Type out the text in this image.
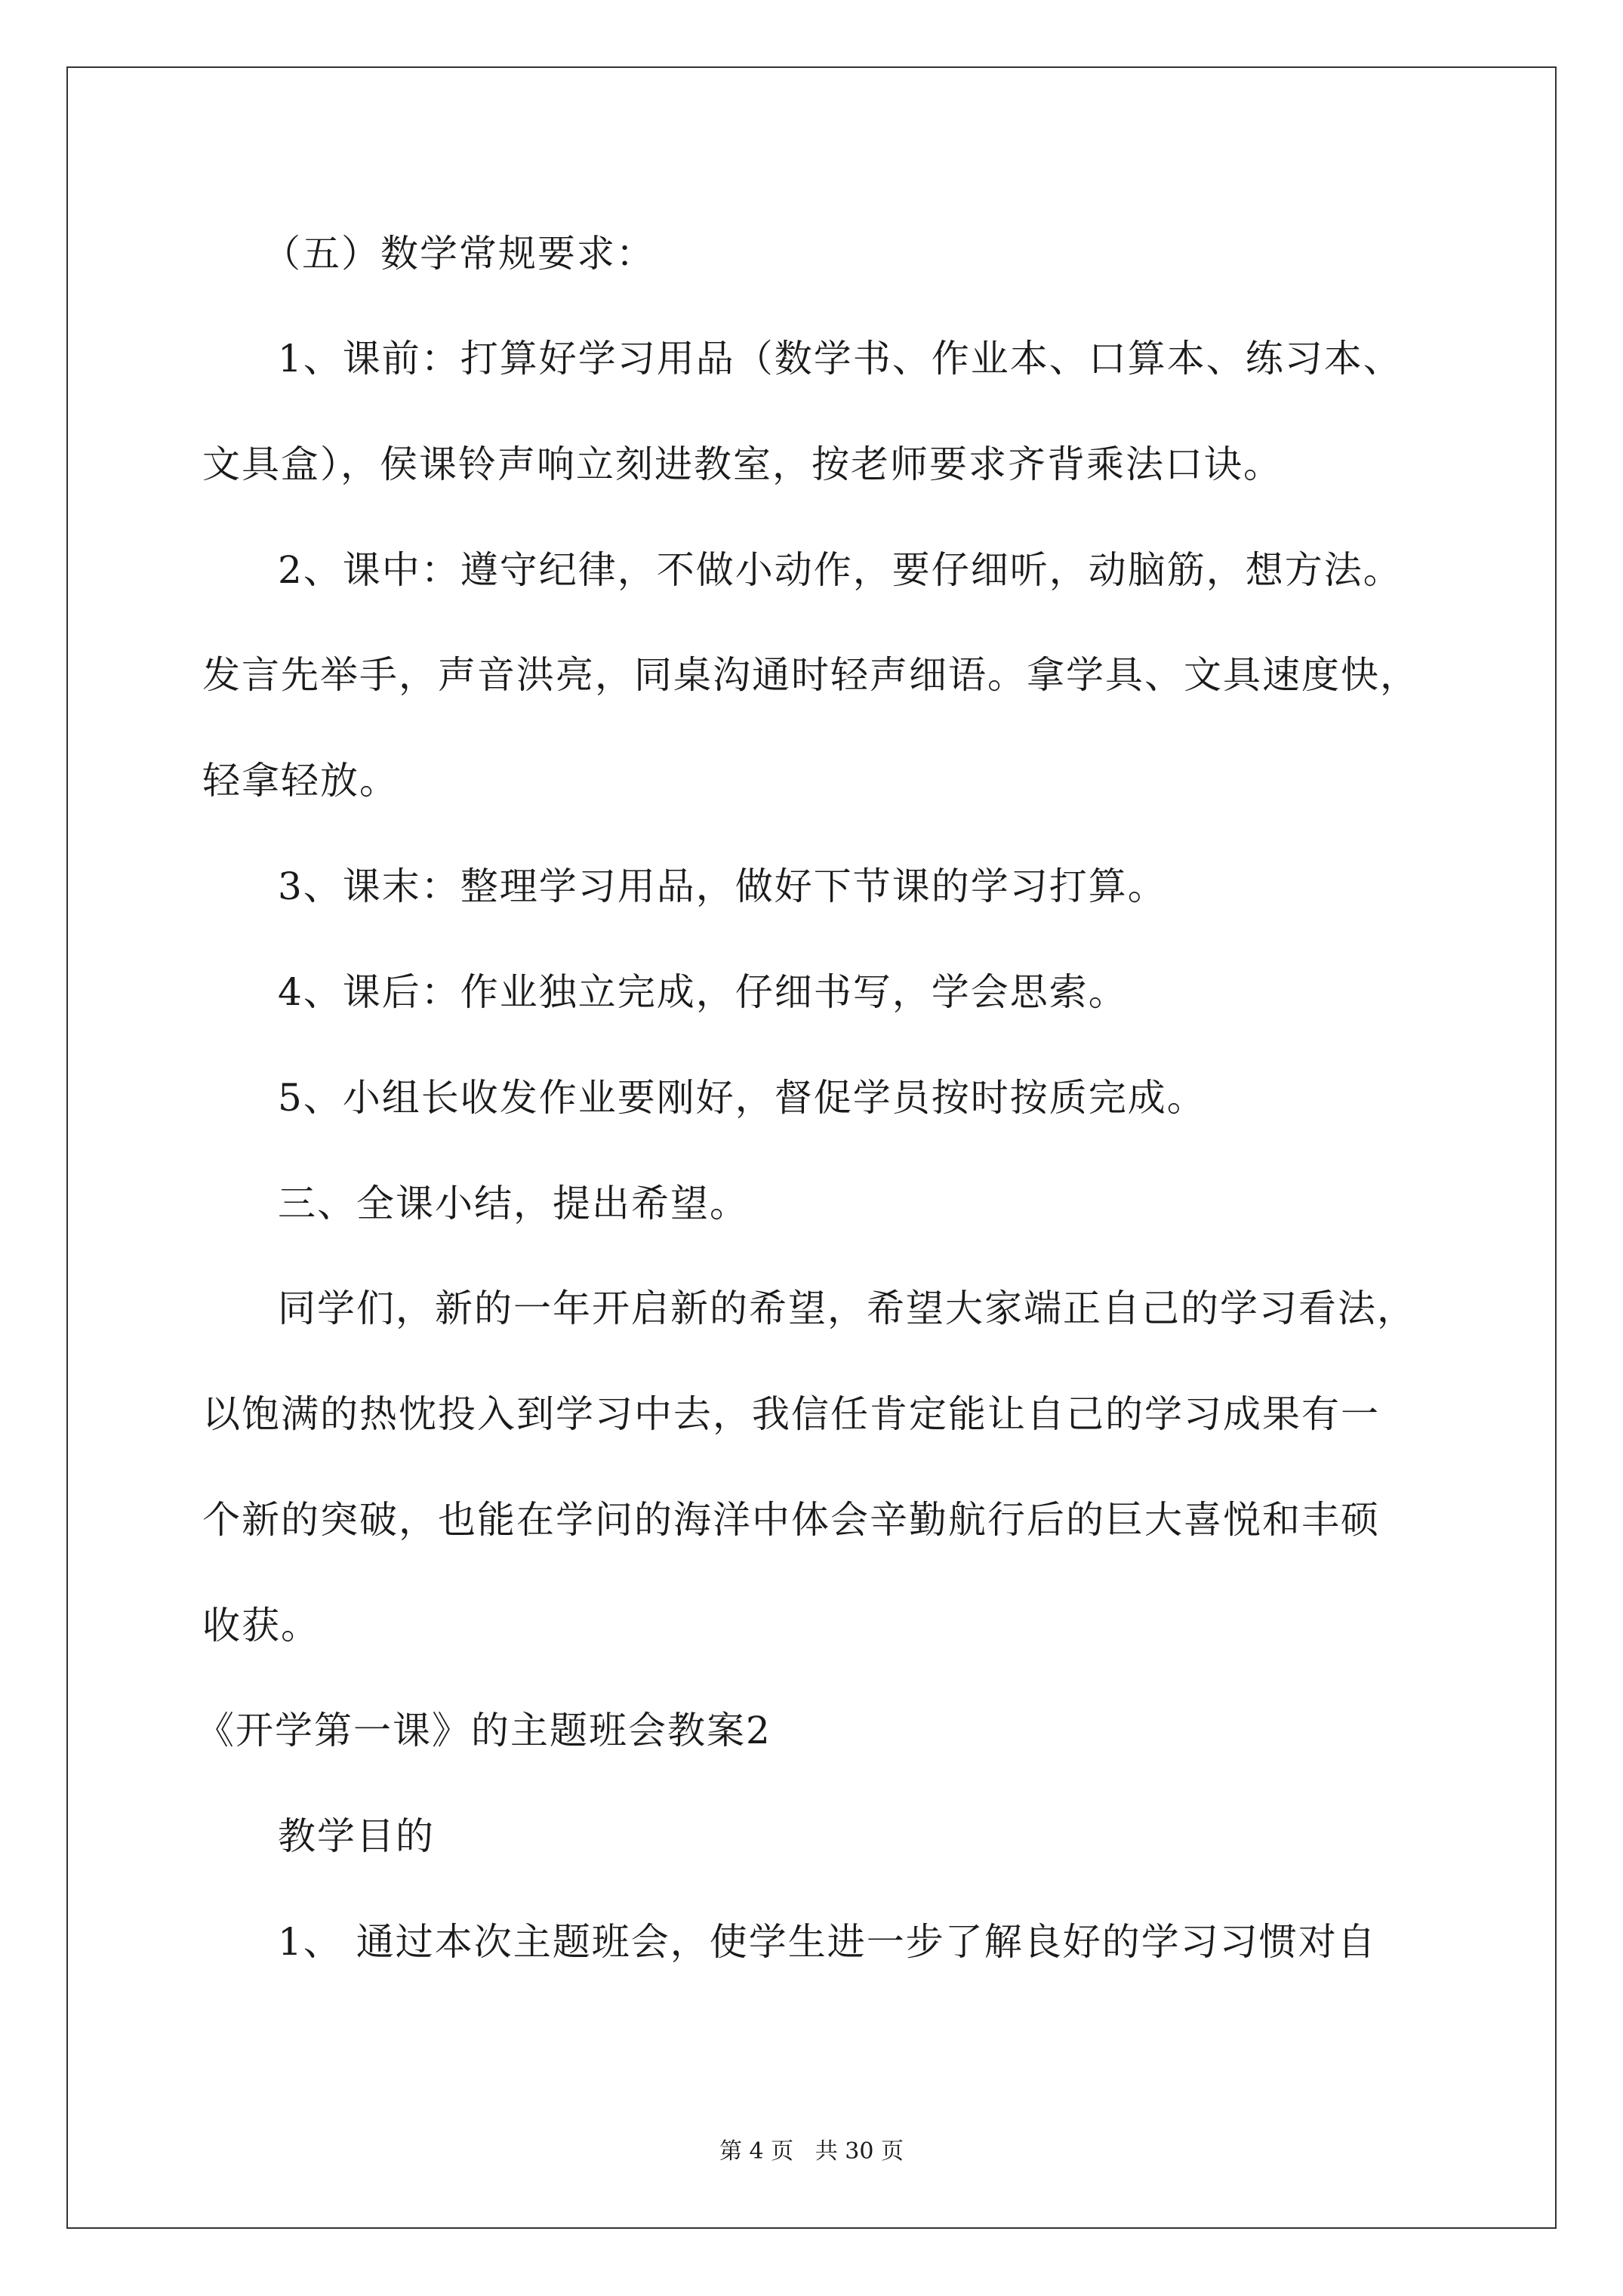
（五）数学常规要求：
1、课前：打算好学习用品（数学书、作业本、口算本、练习本、
文具盒），侯课铃声响立刻进教室，按老师要求齐背乘法口诀。
2、课中：遵守纪律，不做小动作，要仔细听，动脑筋，想方法。
发言先举手，声音洪亮，同桌沟通时轻声细语。拿学具、文具速度快，
轻拿轻放。
3、课末：整理学习用品，做好下节课的学习打算。
4、课后：作业独立完成，仔细书写，学会思索。
5、小组长收发作业要刚好，督促学员按时按质完成。
三、全课小结，提出希望。
同学们，新的一年开启新的希望，希望大家端正自己的学习看法，
以饱满的热忱投入到学习中去，我信任肯定能让自己的学习成果有一
个新的突破，也能在学问的海洋中体会辛勤航行后的巨大喜悦和丰硕
收获。
《开学第一课》的主题班会教案2
教学目的
1、 通过本次主题班会，使学生进一步了解良好的学习习惯对自
第 4 页   共 30 页
